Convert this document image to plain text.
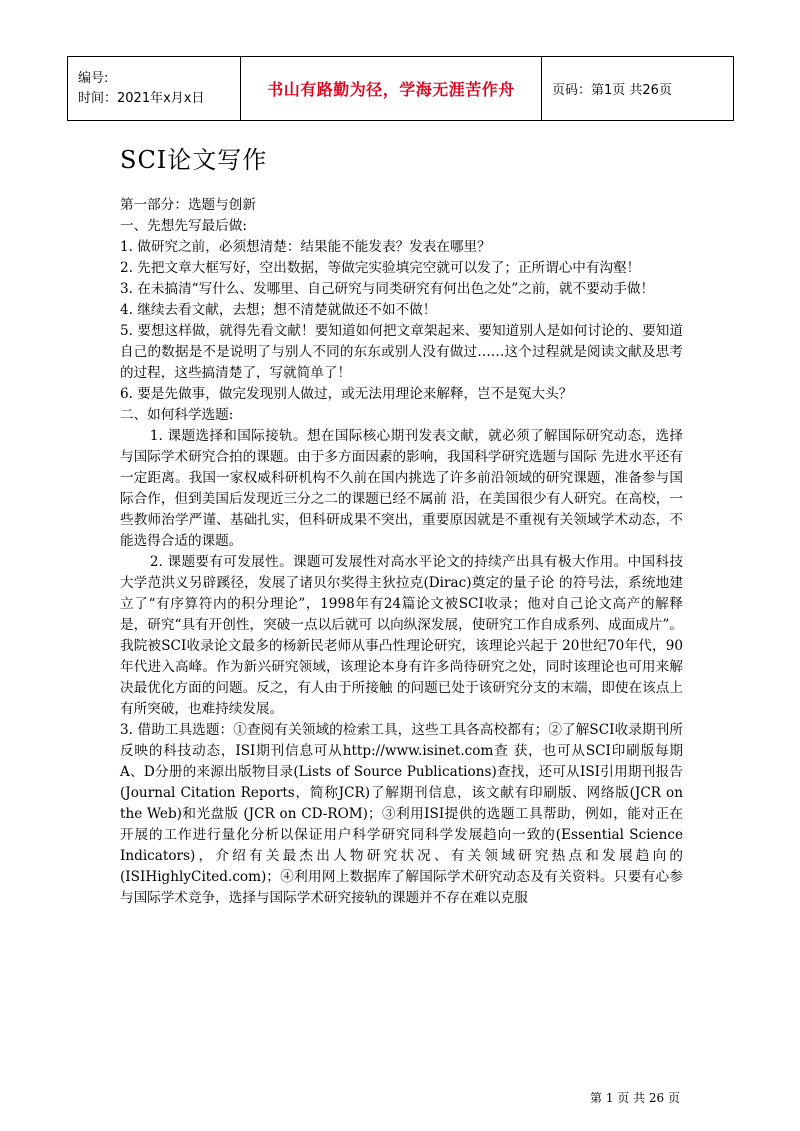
编号:
时间：2021年x月x日	书山有路勤为径，学海无涯苦作舟	页码：第1页 共26页
SCI论文写作

第一部分：选题与创新

一、先想先写最后做:

1. 做研究之前，必须想清楚：结果能不能发表？发表在哪里？

2. 先把文章大框写好，空出数据，等做完实验填完空就可以发了；正所谓心中有沟壑！

3. 在未搞清“写什么、发哪里、自己研究与同类研究有何出色之处”之前，就不要动手做！

4. 继续去看文献，去想；想不清楚就做还不如不做！

5. 要想这样做，就得先看文献！要知道如何把文章架起来、要知道别人是如何讨论的、要知道自己的数据是不是说明了与别人不同的东东或别人没有做过……这个过程就是阅读文献及思考的过程，这些搞清楚了，写就简单了！

6. 要是先做事，做完发现别人做过，或无法用理论来解释，岂不是冤大头？

二、如何科学选题:

1. 课题选择和国际接轨。想在国际核心期刊发表文献，就必须了解国际研究动态，选择与国际学术研究合拍的课题。由于多方面因素的影响，我国科学研究选题与国际 先进水平还有一定距离。我国一家权威科研机构不久前在国内挑选了许多前沿领域的研究课题，准备参与国际合作，但到美国后发现近三分之二的课题已经不属前 沿，在美国很少有人研究。在高校，一些教师治学严谨、基础扎实，但科研成果不突出，重要原因就是不重视有关领域学术动态，不能选得合适的课题。

2. 课题要有可发展性。课题可发展性对高水平论文的持续产出具有极大作用。中国科技大学范洪义另辟蹊径，发展了诸贝尔奖得主狄拉克(Dirac)奠定的量子论 的符号法，系统地建立了“有序算符内的积分理论”，1998年有24篇论文被SCI收录；他对自己论文高产的解释是，研究“具有开创性，突破一点以后就可 以向纵深发展，使研究工作自成系列、成面成片”。我院被SCI收录论文最多的杨新民老师从事凸性理论研究，该理论兴起于 20世纪70年代，90年代进入高峰。作为新兴研究领域，该理论本身有许多尚待研究之处，同时该理论也可用来解决最优化方面的问题。反之，有人由于所接触 的问题已处于该研究分支的末端，即使在该点上有所突破，也难持续发展。

3. 借助工具选题：①查阅有关领域的检索工具，这些工具各高校都有；②了解SCI收录期刊所反映的科技动态，ISI期刊信息可从http://www.isinet.com查 获，也可从SCI印刷版每期A、D分册的来源出版物目录(Lists of Source Publications)查找，还可从ISI引用期刊报告(Journal Citation Reports，简称JCR)了解期刊信息，该文献有印刷版、网络版(JCR on the Web)和光盘版 (JCR on CD-ROM)；③利用ISI提供的选题工具帮助，例如，能对正在开展的工作进行量化分析以保证用户科学研究同科学发展趋向一致的(Essential Science Indicators)，介绍有关最杰出人物研究状况、有关领域研究热点和发展趋向的(ISIHighlyCited.com)；④利用网上数据库了解国际学术研究动态及有关资料。只要有心参与国际学术竞争，选择与国际学术研究接轨的课题并不存在难以克服

第 1 页 共 26 页
